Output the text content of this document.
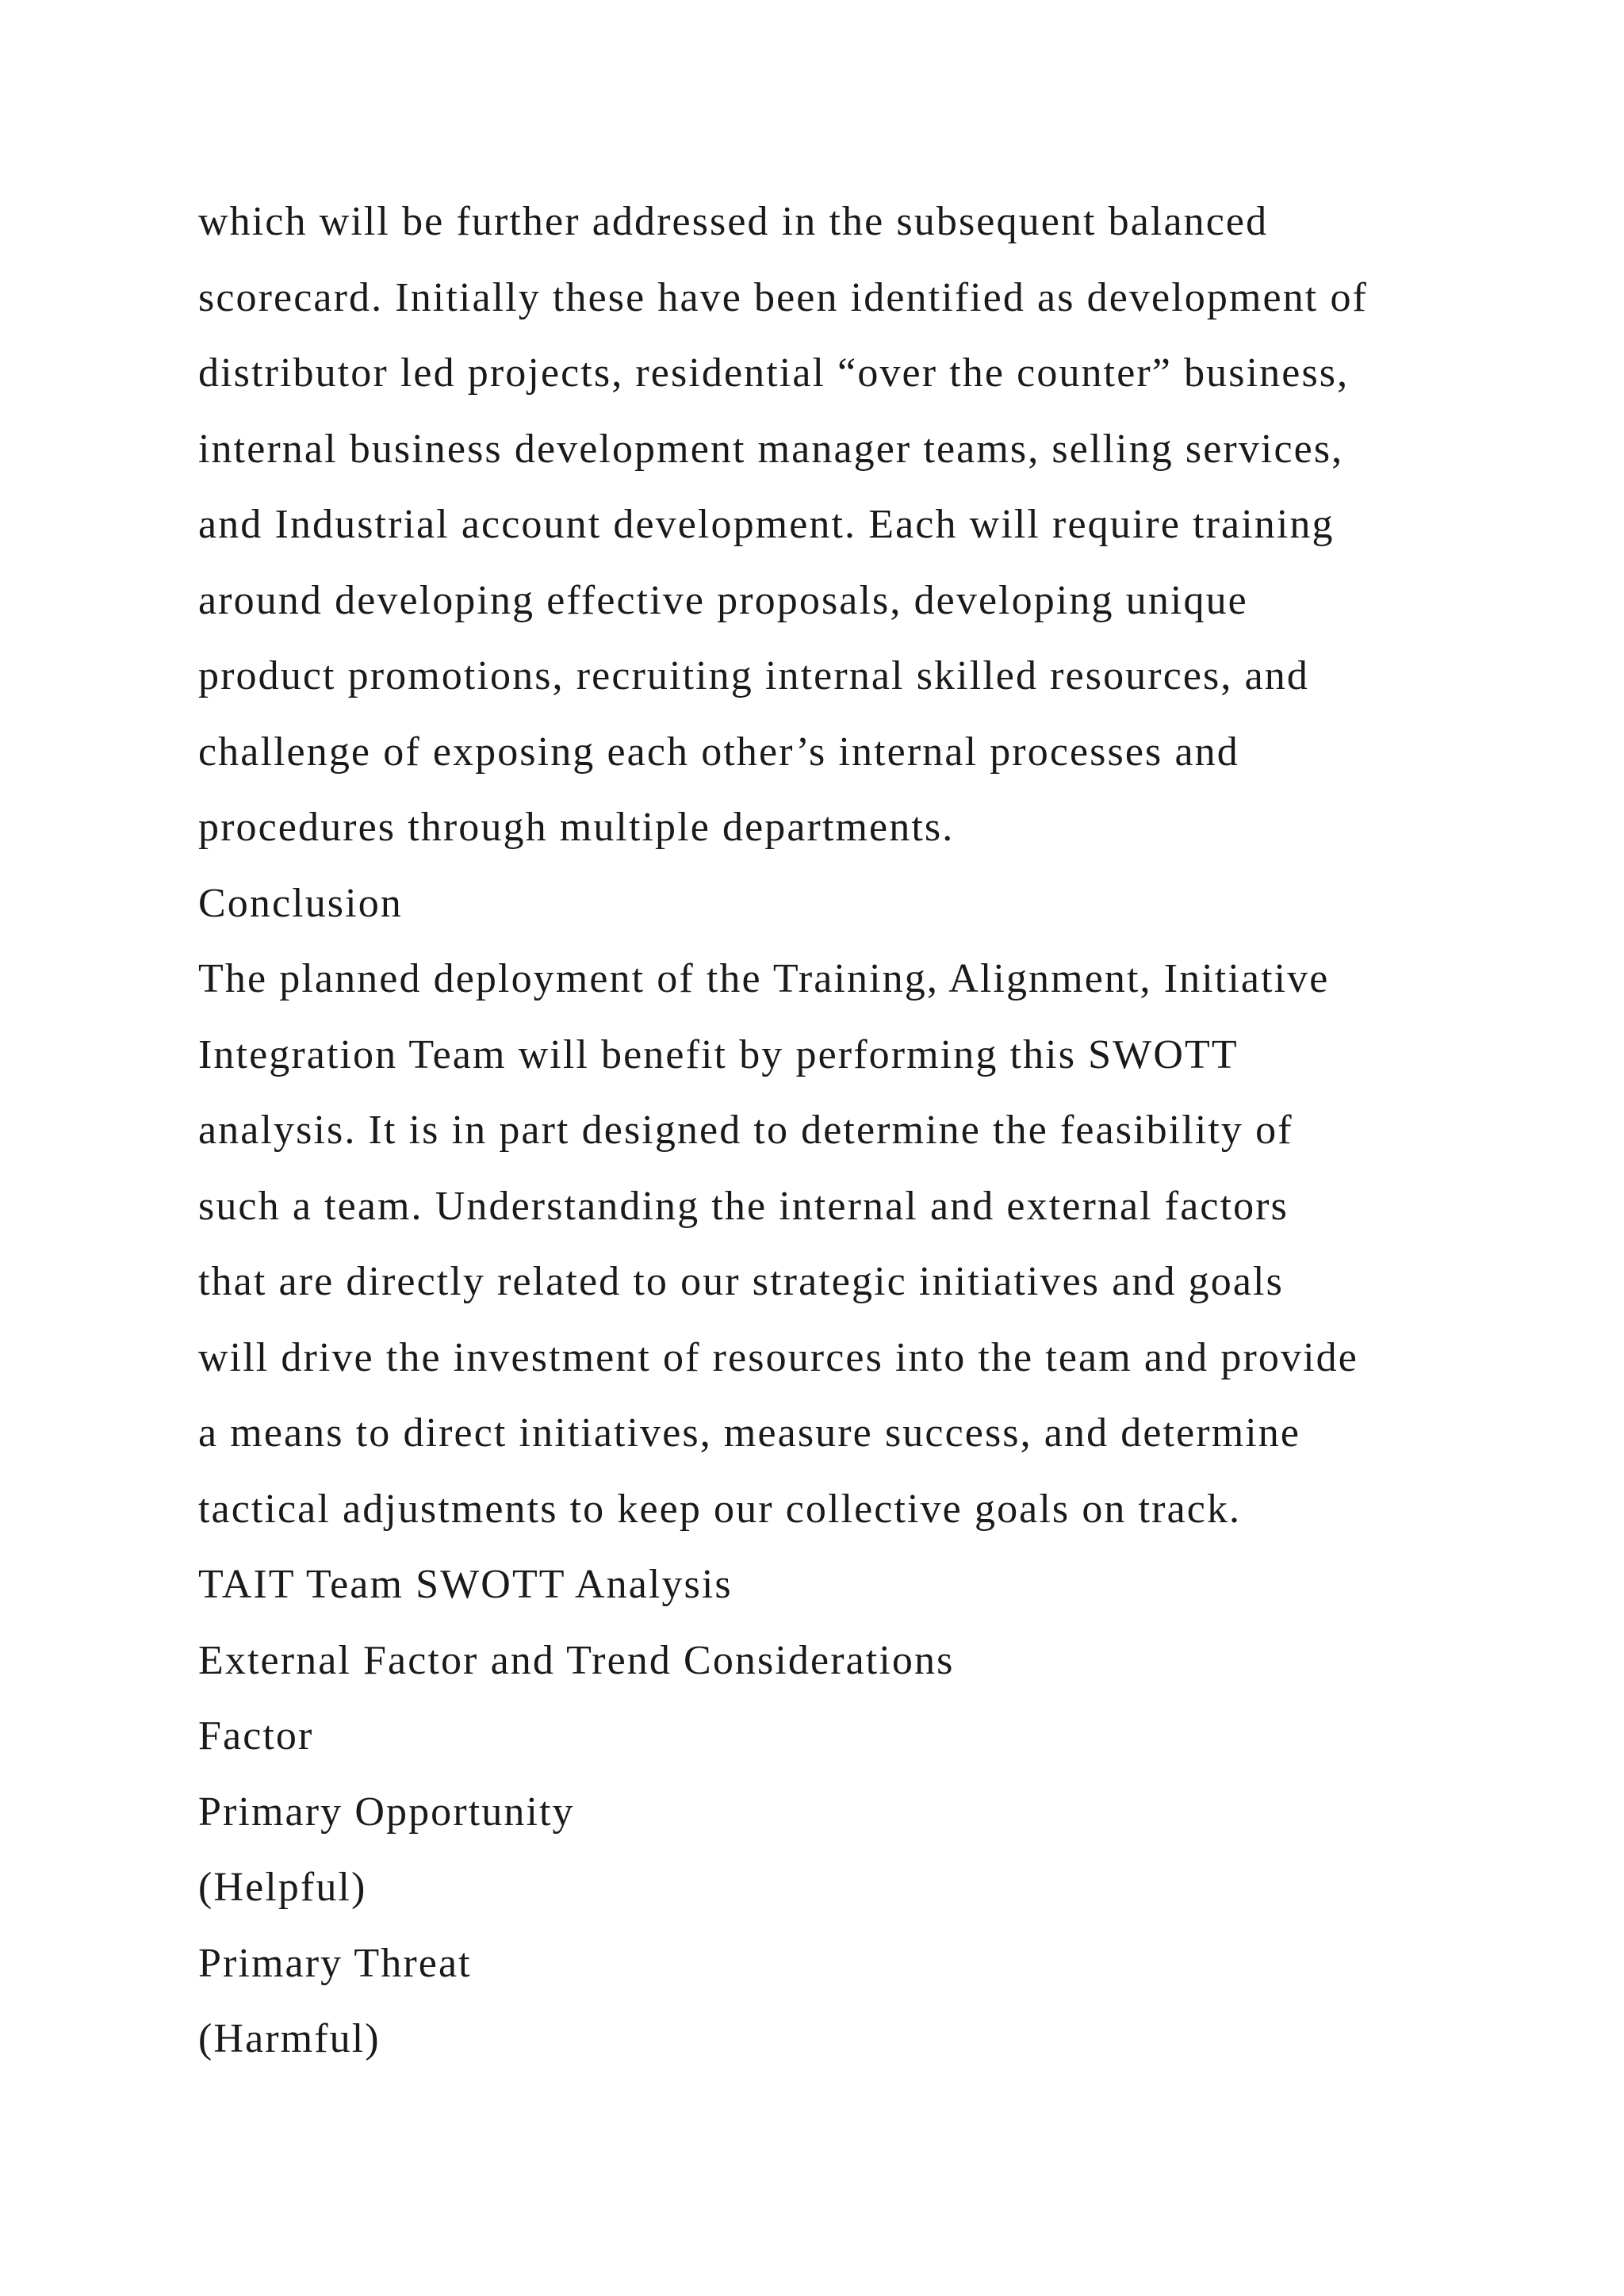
which will be further addressed in the subsequent balanced
scorecard. Initially these have been identified as development of
distributor led projects, residential “over the counter” business,
internal business development manager teams, selling services,
and Industrial account development. Each will require training
around developing effective proposals, developing unique
product promotions, recruiting internal skilled resources, and
challenge of exposing each other’s internal processes and
procedures through multiple departments.
Conclusion
The planned deployment of the Training, Alignment, Initiative
Integration Team will benefit by performing this SWOTT
analysis. It is in part designed to determine the feasibility of
such a team. Understanding the internal and external factors
that are directly related to our strategic initiatives and goals
will drive the investment of resources into the team and provide
a means to direct initiatives, measure success, and determine
tactical adjustments to keep our collective goals on track.
TAIT Team SWOTT Analysis
External Factor and Trend Considerations
Factor
Primary Opportunity
(Helpful)
Primary Threat
(Harmful)
